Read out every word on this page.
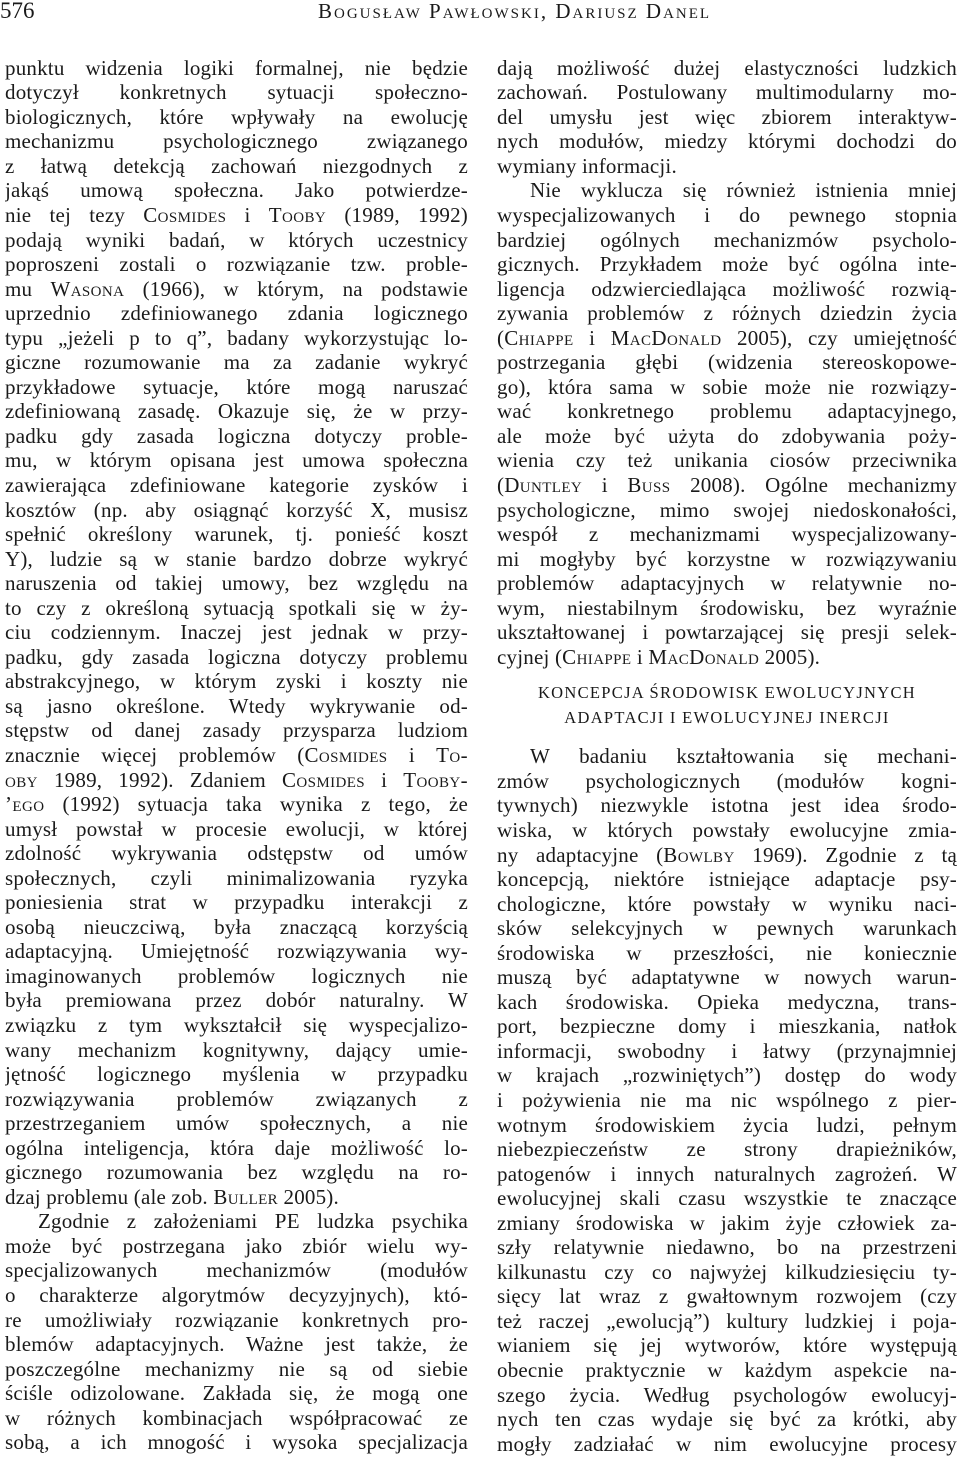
576	Bogusław Pawłowski, Dariusz Danel
punktu widzenia logiki formalnej, nie będzie
dotyczył konkretnych sytuacji społeczno-
biologicznych, które wpływały na ewolucję
mechanizmu psychologicznego związanego
z łatwą detekcją zachowań niezgodnych z
jakąś umową społeczna. Jako potwierdze-
nie tej tezy Cosmides i Tooby (1989, 1992)
podają wyniki badań, w których uczestnicy
poproszeni zostali o rozwiązanie tzw. proble-
mu Wasona (1966), w którym, na podstawie
uprzednio zdefiniowanego zdania logicznego
typu „jeżeli p to q”, badany wykorzystując lo-
giczne rozumowanie ma za zadanie wykryć
przykładowe sytuacje, które mogą naruszać
zdefiniowaną zasadę. Okazuje się, że w przy-
padku gdy zasada logiczna dotyczy proble-
mu, w którym opisana jest umowa społeczna
zawierająca zdefiniowane kategorie zysków i
kosztów (np. aby osiągnąć korzyść X, musisz
spełnić określony warunek, tj. ponieść koszt
Y), ludzie są w stanie bardzo dobrze wykryć
naruszenia od takiej umowy, bez względu na
to czy z określoną sytuacją spotkali się w ży-
ciu codziennym. Inaczej jest jednak w przy-
padku, gdy zasada logiczna dotyczy problemu
abstrakcyjnego, w którym zyski i koszty nie
są jasno określone. Wtedy wykrywanie od-
stępstw od danej zasady przysparza ludziom
znacznie więcej problemów (Cosmides i To-
oby 1989, 1992). Zdaniem Cosmides i Tooby-
’ego (1992) sytuacja taka wynika z tego, że
umysł powstał w procesie ewolucji, w której
zdolność wykrywania odstępstw od umów
społecznych, czyli minimalizowania ryzyka
poniesienia strat w przypadku interakcji z
osobą nieuczciwą, była znaczącą korzyścią
adaptacyjną. Umiejętność rozwiązywania wy-
imaginowanych problemów logicznych nie
była premiowana przez dobór naturalny. W
związku z tym wykształcił się wyspecjalizo-
wany mechanizm kognitywny, dający umie-
jętność logicznego myślenia w przypadku
rozwiązywania problemów związanych z
przestrzeganiem umów społecznych, a nie
ogólna inteligencja, która daje możliwość lo-
gicznego rozumowania bez względu na ro-
dzaj problemu (ale zob. Buller 2005).
Zgodnie z założeniami PE ludzka psychika
może być postrzegana jako zbiór wielu wy-
specjalizowanych mechanizmów (modułów
o charakterze algorytmów decyzyjnych), któ-
re umożliwiały rozwiązanie konkretnych pro-
blemów adaptacyjnych. Ważne jest także, że
poszczególne mechanizmy nie są od siebie
ściśle odizolowane. Zakłada się, że mogą one
w różnych kombinacjach współpracować ze
sobą, a ich mnogość i wysoka specjalizacja
dają możliwość dużej elastyczności ludzkich
zachowań. Postulowany multimodularny mo-
del umysłu jest więc zbiorem interaktyw-
nych modułów, miedzy którymi dochodzi do
wymiany informacji.
Nie wyklucza się również istnienia mniej
wyspecjalizowanych i do pewnego stopnia
bardziej ogólnych mechanizmów psycholo-
gicznych. Przykładem może być ogólna inte-
ligencja odzwierciedlająca możliwość rozwią-
zywania problemów z różnych dziedzin życia
(Chiappe i MacDonald 2005), czy umiejętność
postrzegania głębi (widzenia stereoskopowe-
go), która sama w sobie może nie rozwiązy-
wać konkretnego problemu adaptacyjnego,
ale może być użyta do zdobywania poży-
wienia czy też unikania ciosów przeciwnika
(Duntley i Buss 2008). Ogólne mechanizmy
psychologiczne, mimo swojej niedoskonałości,
wespół z mechanizmami wyspecjalizowany-
mi mogłyby być korzystne w rozwiązywaniu
problemów adaptacyjnych w relatywnie no-
wym, niestabilnym środowisku, bez wyraźnie
ukształtowanej i powtarzającej się presji selek-
cyjnej (Chiappe i MacDonald 2005).
KONCEPCJA ŚRODOWISK EWOLUCYJNYCH
ADAPTACJI I EWOLUCYJNEJ INERCJI
W badaniu kształtowania się mechani-
zmów psychologicznych (modułów kogni-
tywnych) niezwykle istotna jest idea środo-
wiska, w których powstały ewolucyjne zmia-
ny adaptacyjne (Bowlby 1969). Zgodnie z tą
koncepcją, niektóre istniejące adaptacje psy-
chologiczne, które powstały w wyniku naci-
sków selekcyjnych w pewnych warunkach
środowiska w przeszłości, nie koniecznie
muszą być adaptatywne w nowych warun-
kach środowiska. Opieka medyczna, trans-
port, bezpieczne domy i mieszkania, natłok
informacji, swobodny i łatwy (przynajmniej
w krajach „rozwiniętych”) dostęp do wody
i pożywienia nie ma nic wspólnego z pier-
wotnym środowiskiem życia ludzi, pełnym
niebezpieczeństw ze strony drapieżników,
patogenów i innych naturalnych zagrożeń. W
ewolucyjnej skali czasu wszystkie te znaczące
zmiany środowiska w jakim żyje człowiek za-
szły relatywnie niedawno, bo na przestrzeni
kilkunastu czy co najwyżej kilkudziesięciu ty-
sięcy lat wraz z gwałtownym rozwojem (czy
też raczej „ewolucją”) kultury ludzkiej i poja-
wianiem się jej wytworów, które występują
obecnie praktycznie w każdym aspekcie na-
szego życia. Według psychologów ewolucyj-
nych ten czas wydaje się być za krótki, aby
mogły zadziałać w nim ewolucyjne procesy
